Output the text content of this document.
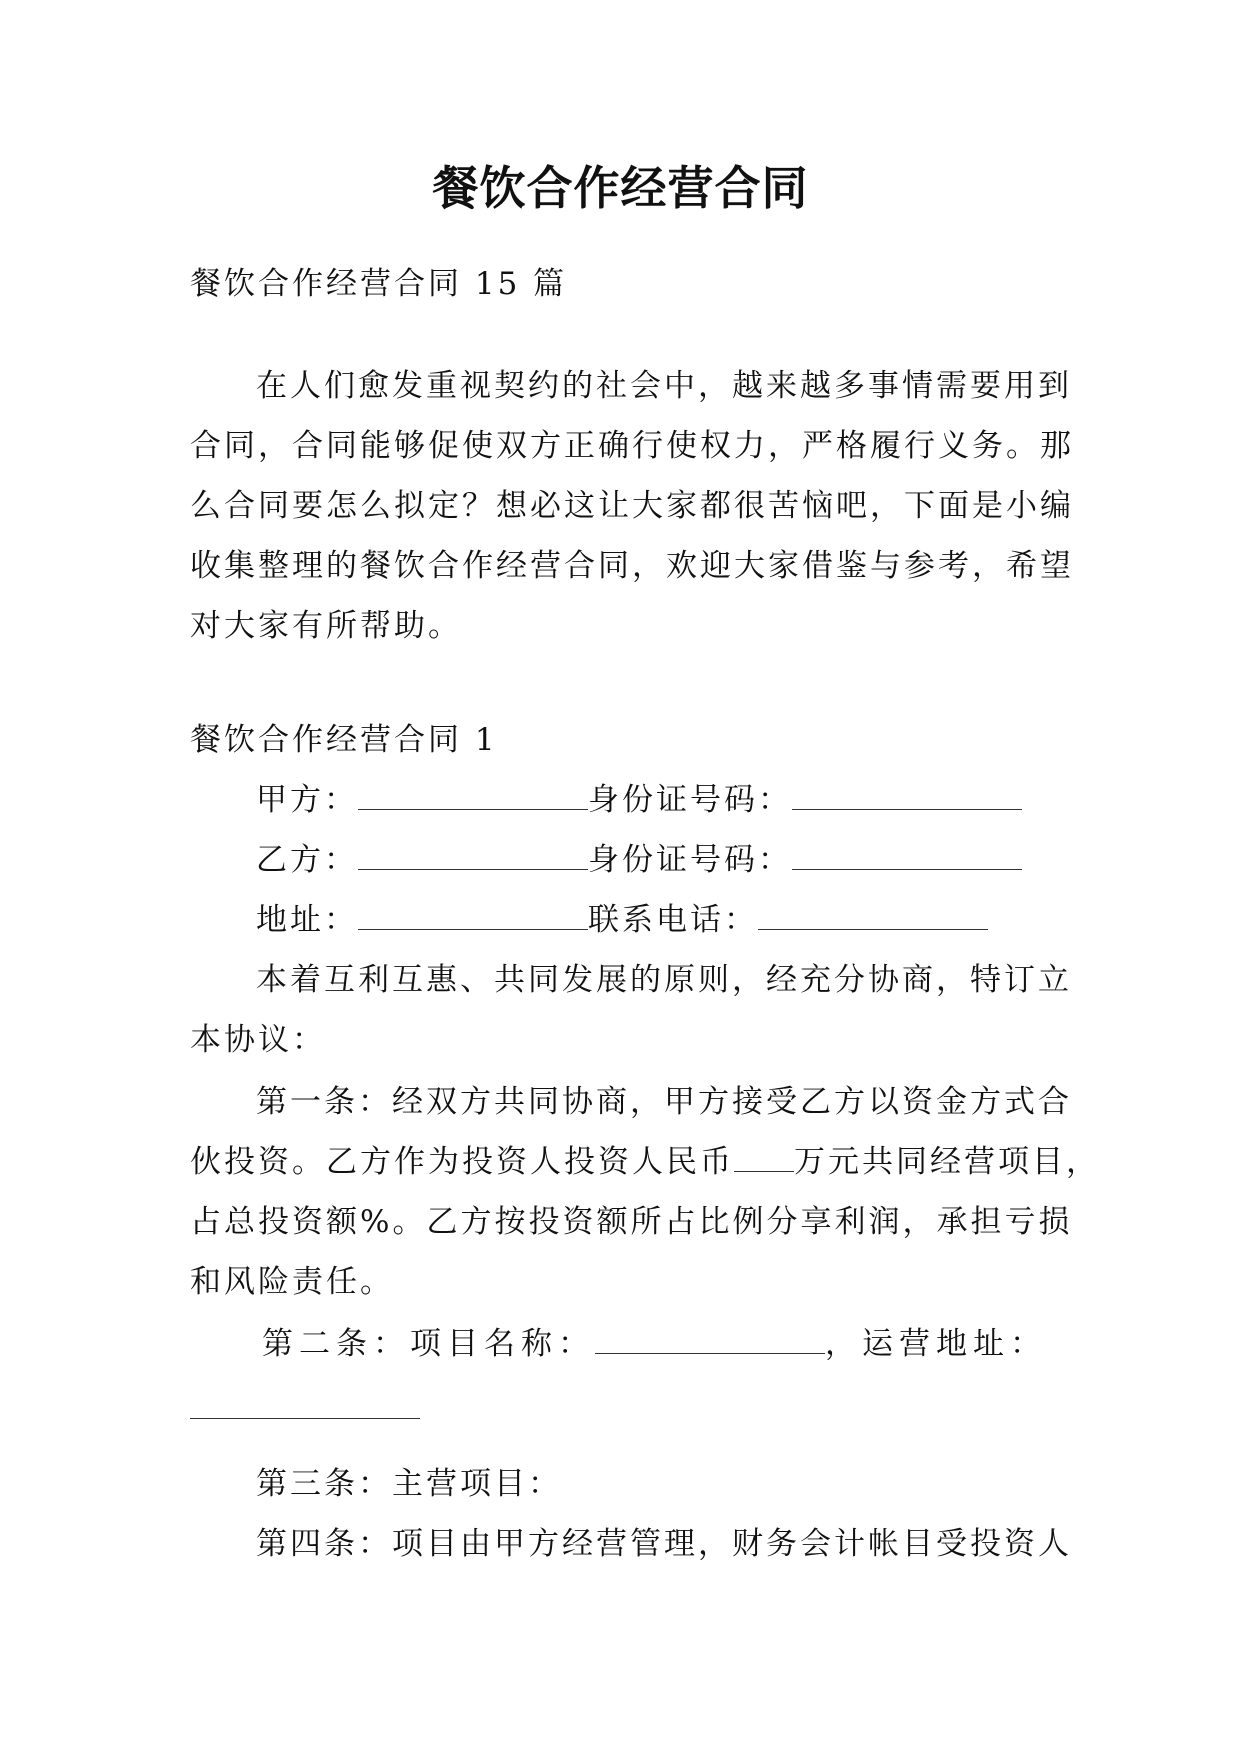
餐饮合作经营合同
餐饮合作经营合同 15 篇
在人们愈发重视契约的社会中，越来越多事情需要用到
合同，合同能够促使双方正确行使权力，严格履行义务。那
么合同要怎么拟定？想必这让大家都很苦恼吧，下面是小编
收集整理的餐饮合作经营合同，欢迎大家借鉴与参考，希望
对大家有所帮助。
餐饮合作经营合同 1
甲方：	身份证号码：
乙方：	身份证号码：
地址：	联系电话：
本着互利互惠、共同发展的原则，经充分协商，特订立
本协议：
第一条：经双方共同协商，甲方接受乙方以资金方式合
伙投资。乙方作为投资人投资人民币 万元共同经营项目，
占总投资额%。乙方按投资额所占比例分享利润，承担亏损
和风险责任。
第二条：项目名称：	，运营地址：
第三条：主营项目：
第四条：项目由甲方经营管理，财务会计帐目受投资人
